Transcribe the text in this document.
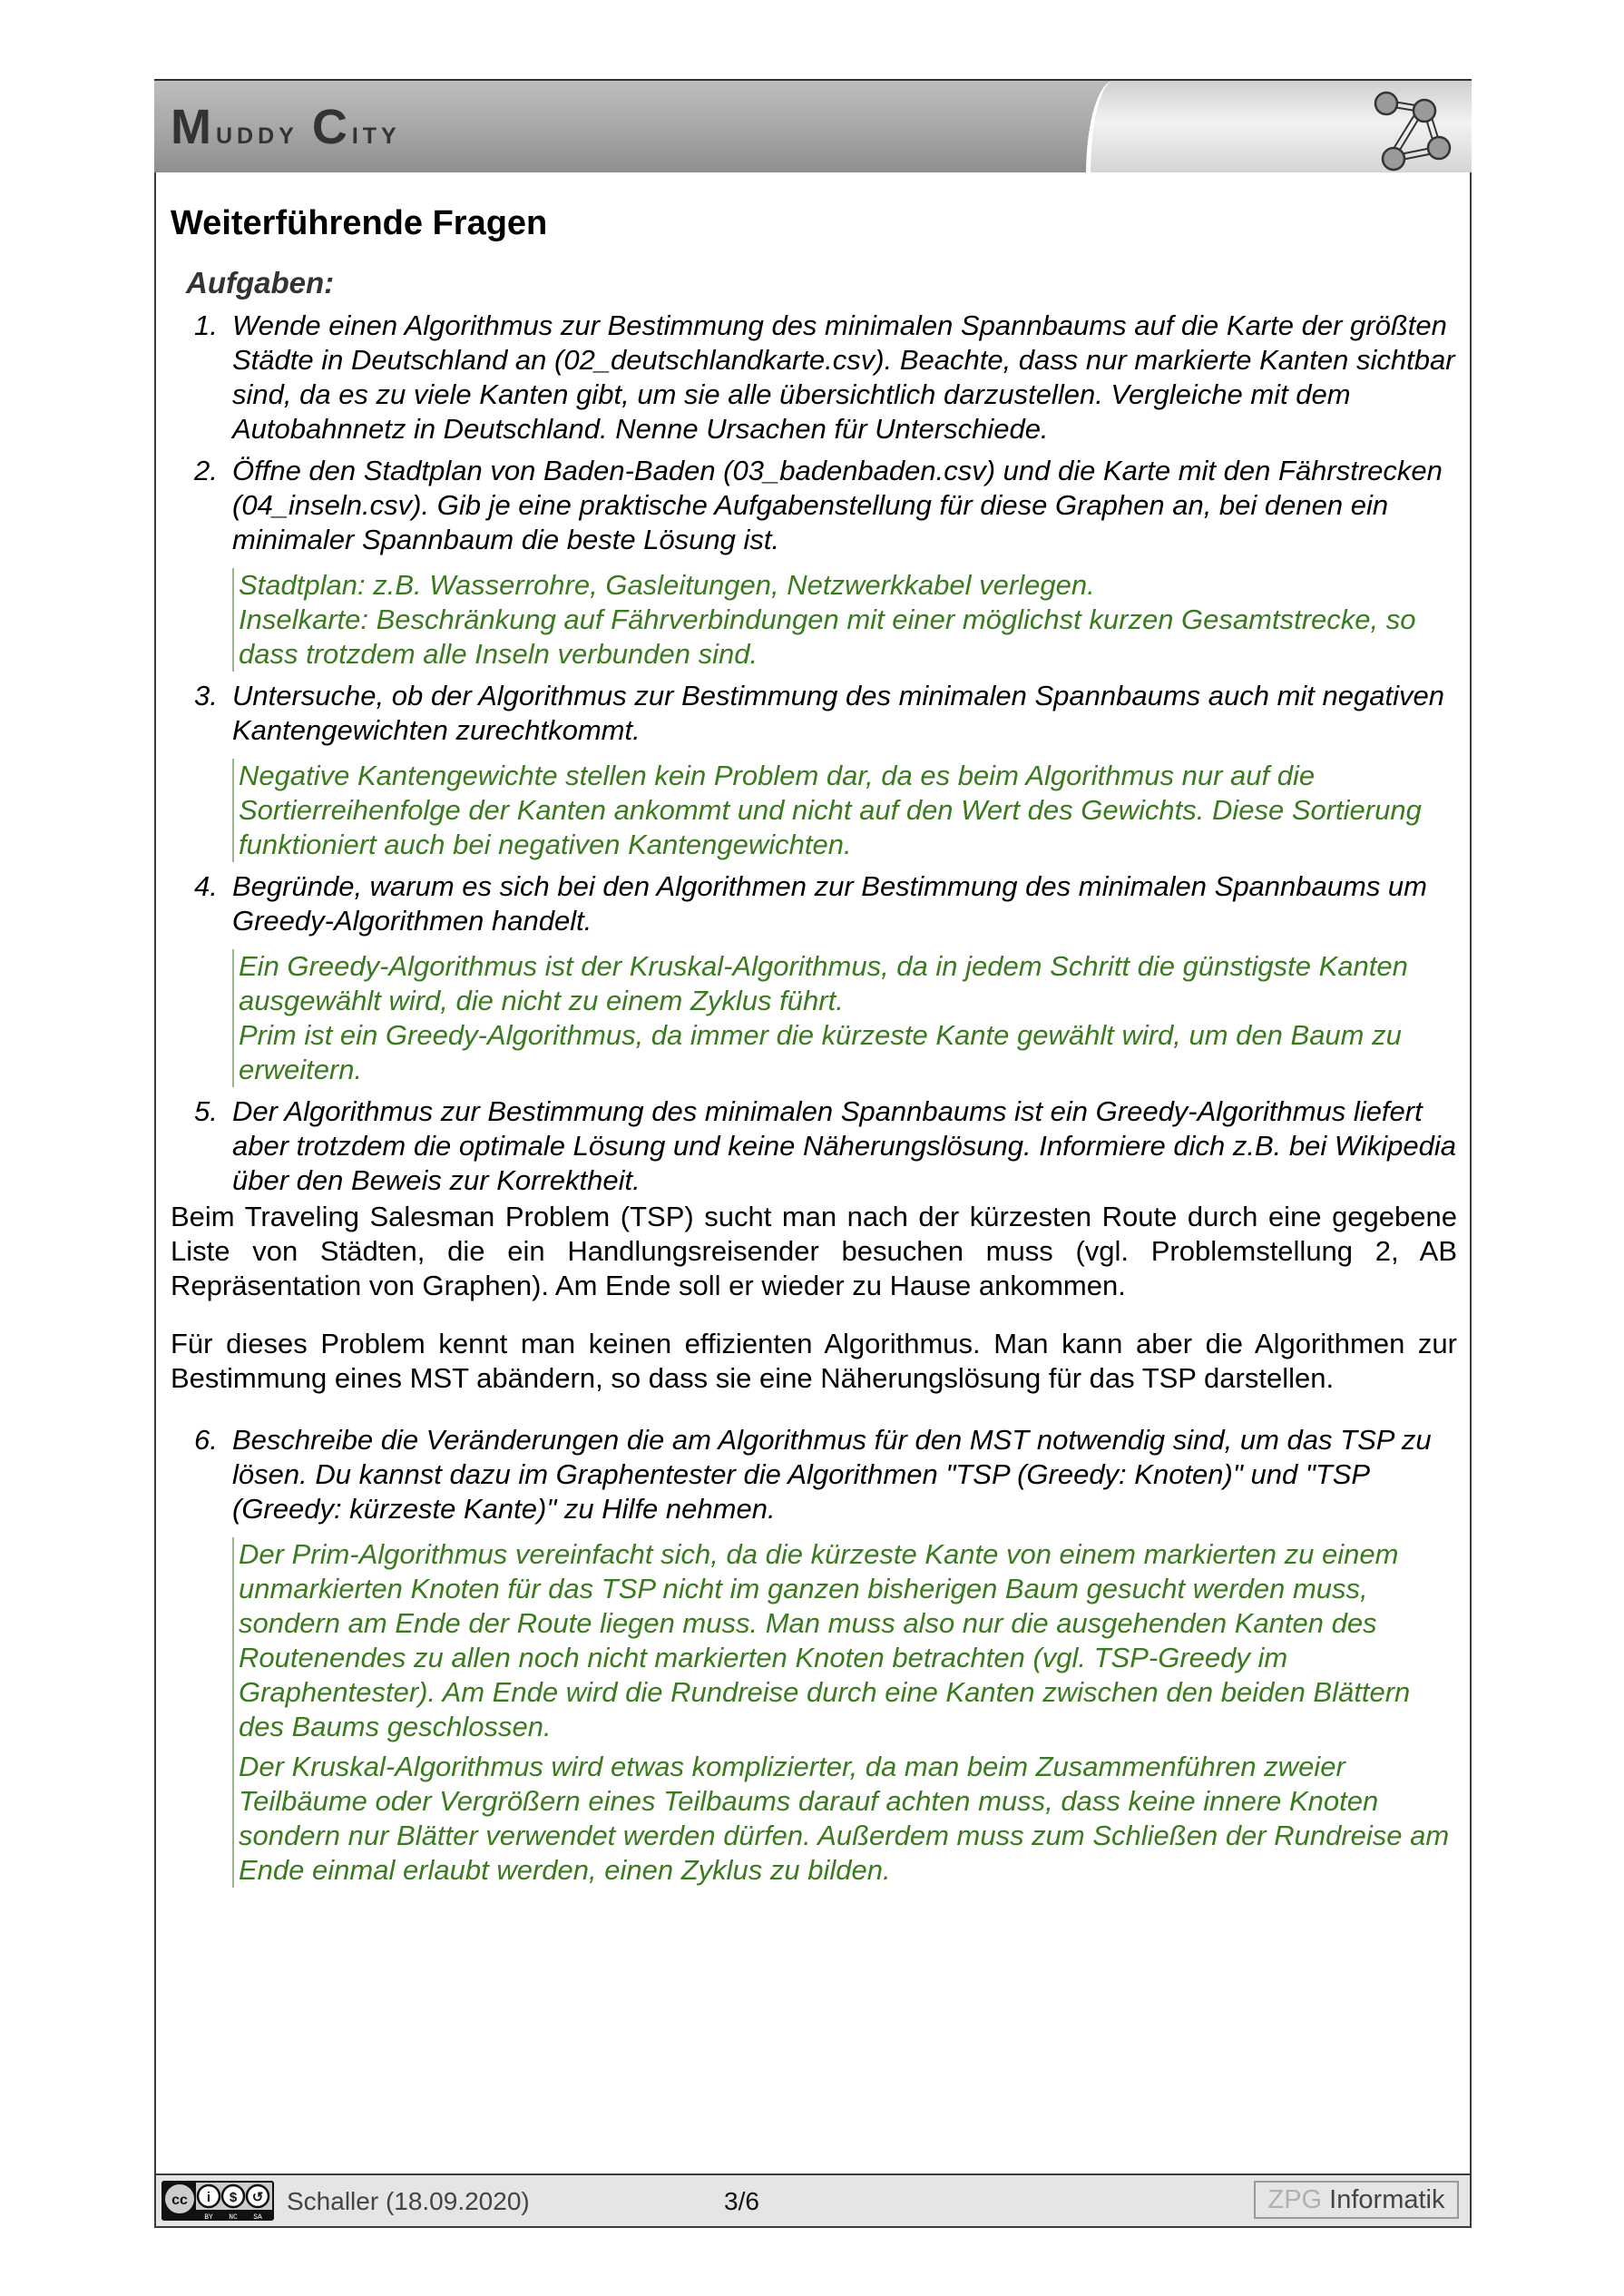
Muddy City
Weiterführende Fragen
Aufgaben:
1. Wende einen Algorithmus zur Bestimmung des minimalen Spannbaums auf die Karte der größten Städte in Deutschland an (02_deutschlandkarte.csv). Beachte, dass nur markierte Kanten sichtbar sind, da es zu viele Kanten gibt, um sie alle übersichtlich darzustellen. Vergleiche mit dem Autobahnnetz in Deutschland. Nenne Ursachen für Unterschiede.
2. Öffne den Stadtplan von Baden-Baden (03_badenbaden.csv) und die Karte mit den Fährstrecken (04_inseln.csv). Gib je eine praktische Aufgabenstellung für diese Graphen an, bei denen ein minimaler Spannbaum die beste Lösung ist.

Stadtplan: z.B. Wasserrohre, Gasleitungen, Netzwerkkabel verlegen.

Inselkarte: Beschränkung auf Fährverbindungen mit einer möglichst kurzen Gesamtstrecke, so dass trotzdem alle Inseln verbunden sind.

3. Untersuche, ob der Algorithmus zur Bestimmung des minimalen Spannbaums auch mit negativen Kantengewichten zurechtkommt.

Negative Kantengewichte stellen kein Problem dar, da es beim Algorithmus nur auf die Sortierreihenfolge der Kanten ankommt und nicht auf den Wert des Gewichts. Diese Sortierung funktioniert auch bei negativen Kantengewichten.

4. Begründe, warum es sich bei den Algorithmen zur Bestimmung des minimalen Spannbaums um Greedy-Algorithmen handelt.

Ein Greedy-Algorithmus ist der Kruskal-Algorithmus, da in jedem Schritt die günstigste Kanten ausgewählt wird, die nicht zu einem Zyklus führt.

Prim ist ein Greedy-Algorithmus, da immer die kürzeste Kante gewählt wird, um den Baum zu erweitern.

5. Der Algorithmus zur Bestimmung des minimalen Spannbaums ist ein Greedy-Algorithmus liefert aber trotzdem die optimale Lösung und keine Näherungslösung. Informiere dich z.B. bei Wikipedia über den Beweis zur Korrektheit.

Beim Traveling Salesman Problem (TSP) sucht man nach der kürzesten Route durch eine gegebene Liste von Städten, die ein Handlungsreisender besuchen muss (vgl. Problemstellung 2, AB Repräsentation von Graphen). Am Ende soll er wieder zu Hause ankommen.

Für dieses Problem kennt man keinen effizienten Algorithmus. Man kann aber die Algorithmen zur Bestimmung eines MST abändern, so dass sie eine Näherungslösung für das TSP darstellen.

6. Beschreibe die Veränderungen die am Algorithmus für den MST notwendig sind, um das TSP zu lösen. Du kannst dazu im Graphentester die Algorithmen "TSP (Greedy: Knoten)" und "TSP (Greedy: kürzeste Kante)" zu Hilfe nehmen.

Der Prim-Algorithmus vereinfacht sich, da die kürzeste Kante von einem markierten zu einem unmarkierten Knoten für das TSP nicht im ganzen bisherigen Baum gesucht werden muss, sondern am Ende der Route liegen muss. Man muss also nur die ausgehenden Kanten des Routenendes zu allen noch nicht markierten Knoten betrachten (vgl. TSP-Greedy im Graphentester). Am Ende wird die Rundreise durch eine Kanten zwischen den beiden Blättern des Baums geschlossen.

Der Kruskal-Algorithmus wird etwas komplizierter, da man beim Zusammenführen zweier Teilbäume oder Vergrößern eines Teilbaums darauf achten muss, dass keine innere Knoten sondern nur Blätter verwendet werden dürfen. Außerdem muss zum Schließen der Rundreise am Ende einmal erlaubt werden, einen Zyklus zu bilden.

cc i $ ↺
BY NC SA
Schaller (18.09.2020)	3/6	ZPG Informatik
